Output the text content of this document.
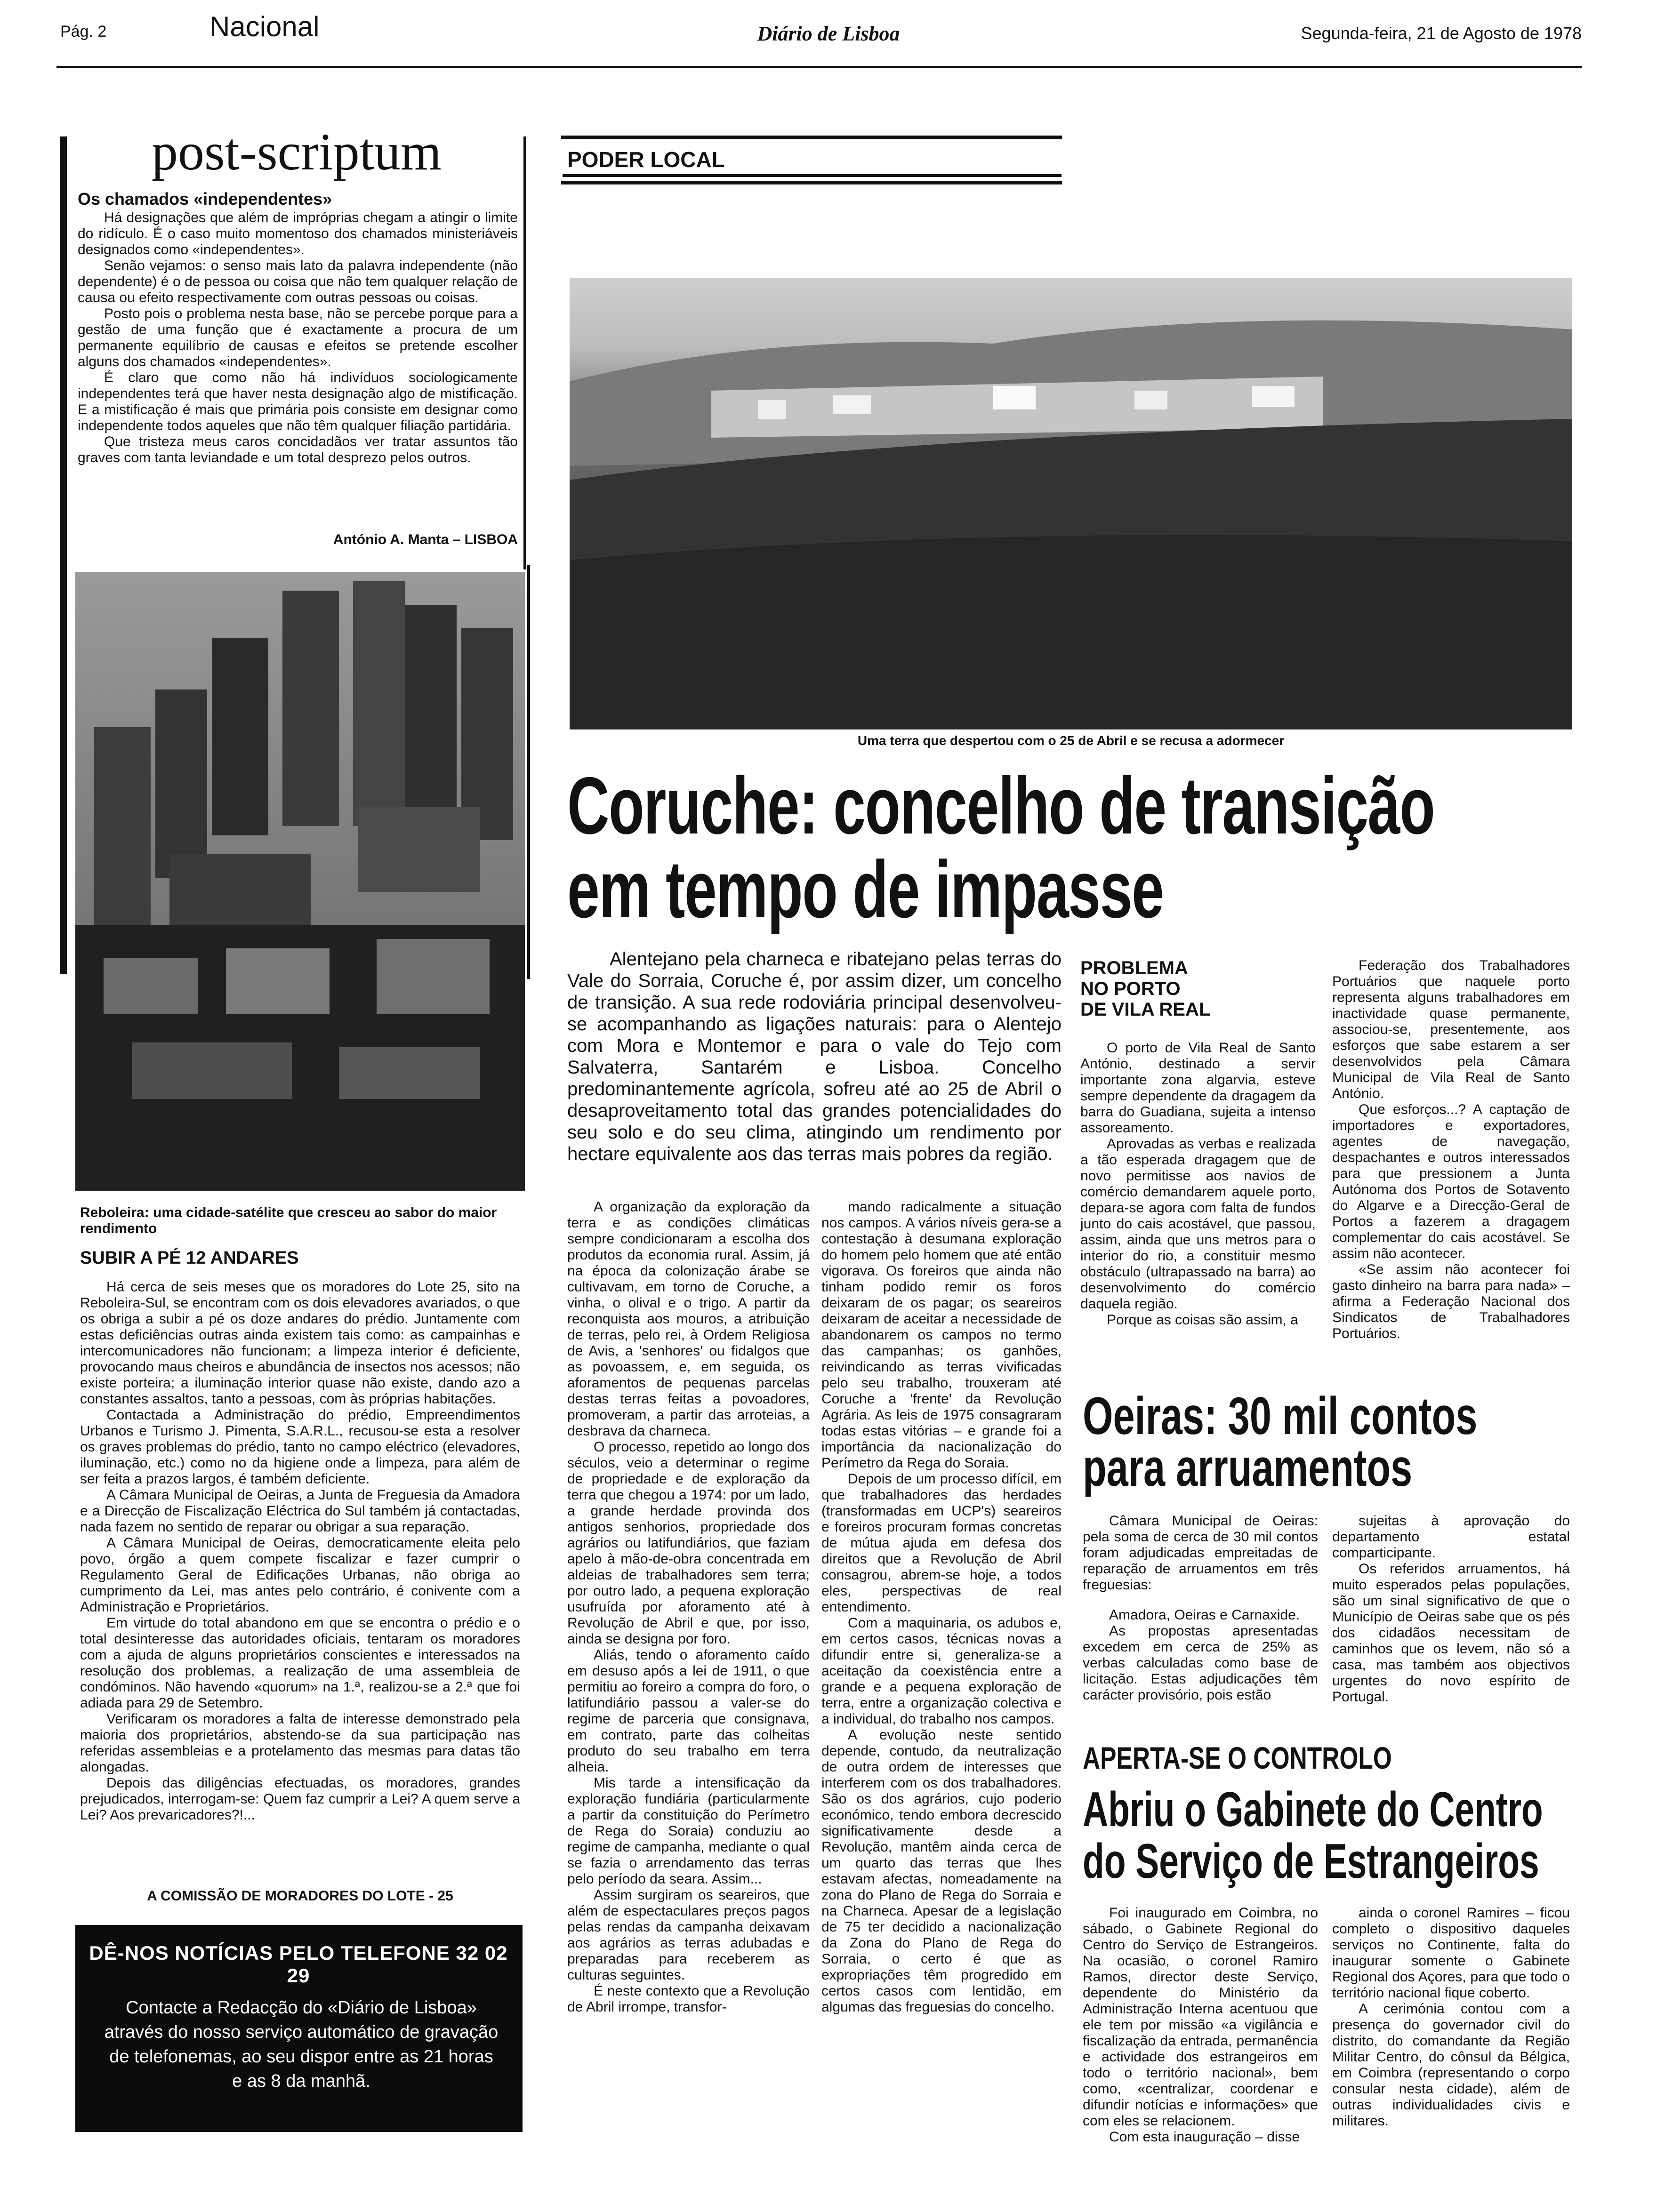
Pág. 2	Nacional	Diário de Lisboa	Segunda-feira, 21 de Agosto de 1978
post-scriptum
Os chamados «independentes»

Há designações que além de impróprias chegam a atingir o limite do ridículo. É o caso muito momentoso dos chamados ministeriáveis designados como «independentes».

Senão vejamos: o senso mais lato da palavra independente (não dependente) é o de pessoa ou coisa que não tem qualquer relação de causa ou efeito respectivamente com outras pessoas ou coisas.

Posto pois o problema nesta base, não se percebe porque para a gestão de uma função que é exactamente a procura de um permanente equilíbrio de causas e efeitos se pretende escolher alguns dos chamados «independentes».

É claro que como não há indivíduos sociologicamente independentes terá que haver nesta designação algo de mistificação. E a mistificação é mais que primária pois consiste em designar como independente todos aqueles que não têm qualquer filiação partidária.

Que tristeza meus caros concidadãos ver tratar assuntos tão graves com tanta leviandade e um total desprezo pelos outros.

António A. Manta – LISBOA
Reboleira: uma cidade-satélite que cresceu ao sabor do maior rendimento
SUBIR A PÉ 12 ANDARES

Há cerca de seis meses que os moradores do Lote 25, sito na Reboleira-Sul, se encontram com os dois elevadores avariados, o que os obriga a subir a pé os doze andares do prédio. Juntamente com estas deficiências outras ainda existem tais como: as campainhas e intercomunicadores não funcionam; a limpeza interior é deficiente, provocando maus cheiros e abundância de insectos nos acessos; não existe porteira; a iluminação interior quase não existe, dando azo a constantes assaltos, tanto a pessoas, com às próprias habitações.

Contactada a Administração do prédio, Empreendimentos Urbanos e Turismo J. Pimenta, S.A.R.L., recusou-se esta a resolver os graves problemas do prédio, tanto no campo eléctrico (elevadores, iluminação, etc.) como no da higiene onde a limpeza, para além de ser feita a prazos largos, é também deficiente.

A Câmara Municipal de Oeiras, a Junta de Freguesia da Amadora e a Direcção de Fiscalização Eléctrica do Sul também já contactadas, nada fazem no sentido de reparar ou obrigar a sua reparação.

A Câmara Municipal de Oeiras, democraticamente eleita pelo povo, órgão a quem compete fiscalizar e fazer cumprir o Regulamento Geral de Edificações Urbanas, não obriga ao cumprimento da Lei, mas antes pelo contrário, é conivente com a Administração e Proprietários.

Em virtude do total abandono em que se encontra o prédio e o total desinteresse das autoridades oficiais, tentaram os moradores com a ajuda de alguns proprietários conscientes e interessados na resolução dos problemas, a realização de uma assembleia de condóminos. Não havendo «quorum» na 1.ª, realizou-se a 2.ª que foi adiada para 29 de Setembro.

Verificaram os moradores a falta de interesse demonstrado pela maioria dos proprietários, abstendo-se da sua participação nas referidas assembleias e a protelamento das mesmas para datas tão alongadas.

Depois das diligências efectuadas, os moradores, grandes prejudicados, interrogam-se: Quem faz cumprir a Lei? A quem serve a Lei? Aos prevaricadores?!...

A COMISSÃO DE MORADORES DO LOTE - 25
DÊ-NOS NOTÍCIAS PELO TELEFONE 32 02 29
Contacte a Redacção do «Diário de Lisboa» através do nosso serviço automático de gravação de telefonemas, ao seu dispor entre as 21 horas e as 8 da manhã.
PODER LOCAL
Uma terra que despertou com o 25 de Abril e se recusa a adormecer
Coruche: concelho de transição
em tempo de impasse
Alentejano pela charneca e ribatejano pelas terras do Vale do Sorraia, Coruche é, por assim dizer, um concelho de transição. A sua rede rodoviária principal desenvolveu-se acompanhando as ligações naturais: para o Alentejo com Mora e Montemor e para o vale do Tejo com Salvaterra, Santarém e Lisboa. Concelho predominantemente agrícola, sofreu até ao 25 de Abril o desaproveitamento total das grandes potencialidades do seu solo e do seu clima, atingindo um rendimento por hectare equivalente aos das terras mais pobres da região.

A organização da exploração da terra e as condições climáticas sempre condicionaram a escolha dos produtos da economia rural. Assim, já na época da colonização árabe se cultivavam, em torno de Coruche, a vinha, o olival e o trigo. A partir da reconquista aos mouros, a atribuição de terras, pelo rei, à Ordem Religiosa de Avis, a 'senhores' ou fidalgos que as povoassem, e, em seguida, os aforamentos de pequenas parcelas destas terras feitas a povoadores, promoveram, a partir das arroteias, a desbrava da charneca.

O processo, repetido ao longo dos séculos, veio a determinar o regime de propriedade e de exploração da terra que chegou a 1974: por um lado, a grande herdade provinda dos antigos senhorios, propriedade dos agrários ou latifundiários, que faziam apelo à mão-de-obra concentrada em aldeias de trabalhadores sem terra; por outro lado, a pequena exploração usufruída por aforamento até à Revolução de Abril e que, por isso, ainda se designa por foro.

Aliás, tendo o aforamento caído em desuso após a lei de 1911, o que permitiu ao foreiro a compra do foro, o latifundiário passou a valer-se do regime de parceria que consignava, em contrato, parte das colheitas produto do seu trabalho em terra alheia.

Mis tarde a intensificação da exploração fundiária (particularmente a partir da constituição do Perímetro de Rega do Soraia) conduziu ao regime de campanha, mediante o qual se fazia o arrendamento das terras pelo período da seara. Assim...

Assim surgiram os seareiros, que além de espectaculares preços pagos pelas rendas da campanha deixavam aos agrários as terras adubadas e preparadas para receberem as culturas seguintes.

É neste contexto que a Revolução de Abril irrompe, transfor-

mando radicalmente a situação nos campos. A vários níveis gera-se a contestação à desumana exploração do homem pelo homem que até então vigorava. Os foreiros que ainda não tinham podido remir os foros deixaram de os pagar; os seareiros deixaram de aceitar a necessidade de abandonarem os campos no termo das campanhas; os ganhões, reivindicando as terras vivificadas pelo seu trabalho, trouxeram até Coruche a 'frente' da Revolução Agrária. As leis de 1975 consagraram todas estas vitórias – e grande foi a importância da nacionalização do Perímetro da Rega do Soraia.

Depois de um processo difícil, em que trabalhadores das herdades (transformadas em UCP's) seareiros e foreiros procuram formas concretas de mútua ajuda em defesa dos direitos que a Revolução de Abril consagrou, abrem-se hoje, a todos eles, perspectivas de real entendimento.

Com a maquinaria, os adubos e, em certos casos, técnicas novas a difundir entre si, generaliza-se a aceitação da coexistência entre a grande e a pequena exploração de terra, entre a organização colectiva e a individual, do trabalho nos campos.

A evolução neste sentido depende, contudo, da neutralização de outra ordem de interesses que interferem com os dos trabalhadores. São os dos agrários, cujo poderio económico, tendo embora decrescido significativamente desde a Revolução, mantêm ainda cerca de um quarto das terras que lhes estavam afectas, nomeadamente na zona do Plano de Rega do Sorraia e na Charneca. Apesar de a legislação de 75 ter decidido a nacionalização da Zona do Plano de Rega do Sorraia, o certo é que as expropriações têm progredido em certos casos com lentidão, em algumas das freguesias do concelho.

PROBLEMA
NO PORTO
DE VILA REAL

O porto de Vila Real de Santo António, destinado a servir importante zona algarvia, esteve sempre dependente da dragagem da barra do Guadiana, sujeita a intenso assoreamento.

Aprovadas as verbas e realizada a tão esperada dragagem que de novo permitisse aos navios de comércio demandarem aquele porto, depara-se agora com falta de fundos junto do cais acostável, que passou, assim, ainda que uns metros para o interior do rio, a constituir mesmo obstáculo (ultrapassado na barra) ao desenvolvimento do comércio daquela região.

Porque as coisas são assim, a

Federação dos Trabalhadores Portuários que naquele porto representa alguns trabalhadores em inactividade quase permanente, associou-se, presentemente, aos esforços que sabe estarem a ser desenvolvidos pela Câmara Municipal de Vila Real de Santo António.

Que esforços...? A captação de importadores e exportadores, agentes de navegação, despachantes e outros interessados para que pressionem a Junta Autónoma dos Portos de Sotavento do Algarve e a Direcção-Geral de Portos a fazerem a dragagem complementar do cais acostável. Se assim não acontecer.

«Se assim não acontecer foi gasto dinheiro na barra para nada» – afirma a Federação Nacional dos Sindicatos de Trabalhadores Portuários.

Oeiras: 30 mil contos
para arruamentos

Câmara Municipal de Oeiras: pela soma de cerca de 30 mil contos foram adjudicadas empreitadas de reparação de arruamentos em três freguesias:

Amadora, Oeiras e Carnaxide.

As propostas apresentadas excedem em cerca de 25% as verbas calculadas como base de licitação. Estas adjudicações têm carácter provisório, pois estão

sujeitas à aprovação do departamento estatal comparticipante.

Os referidos arruamentos, há muito esperados pelas populações, são um sinal significativo de que o Município de Oeiras sabe que os pés dos cidadãos necessitam de caminhos que os levem, não só a casa, mas também aos objectivos urgentes do novo espírito de Portugal.

APERTA-SE O CONTROLO
Abriu o Gabinete do Centro
do Serviço de Estrangeiros

Foi inaugurado em Coimbra, no sábado, o Gabinete Regional do Centro do Serviço de Estrangeiros. Na ocasião, o coronel Ramiro Ramos, director deste Serviço, dependente do Ministério da Administração Interna acentuou que ele tem por missão «a vigilância e fiscalização da entrada, permanência e actividade dos estrangeiros em todo o território nacional», bem como, «centralizar, coordenar e difundir notícias e informações» que com eles se relacionem.

Com esta inauguração – disse

ainda o coronel Ramires – ficou completo o dispositivo daqueles serviços no Continente, falta do inaugurar somente o Gabinete Regional dos Açores, para que todo o território nacional fique coberto.

A cerimónia contou com a presença do governador civil do distrito, do comandante da Região Militar Centro, do cônsul da Bélgica, em Coimbra (representando o corpo consular nesta cidade), além de outras individualidades civis e militares.
